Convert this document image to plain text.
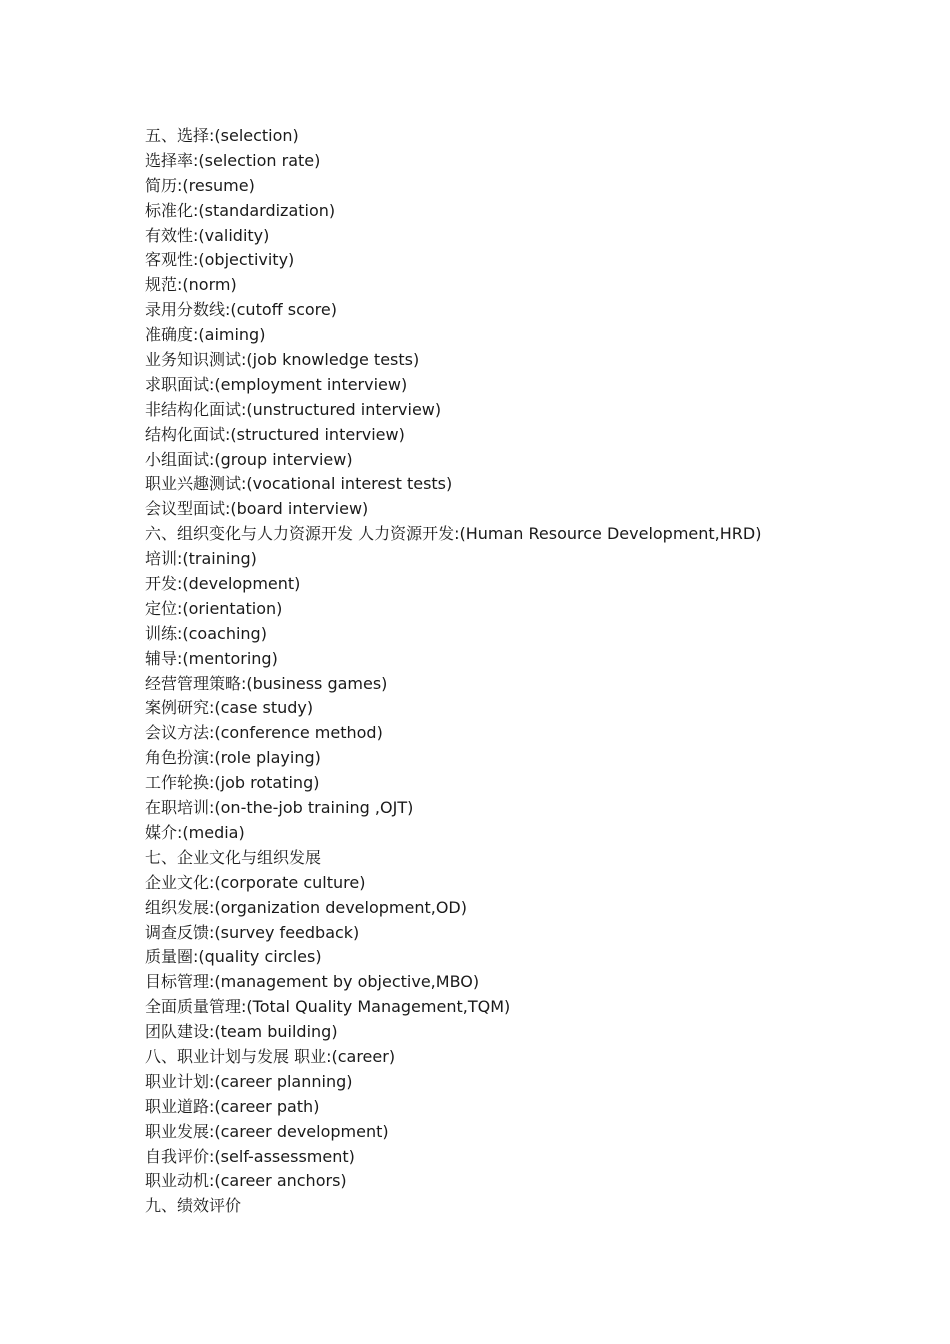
五、选择:(selection)
选择率:(selection rate)
简历:(resume)
标准化:(standardization)
有效性:(validity)
客观性:(objectivity)
规范:(norm)
录用分数线:(cutoff score)
准确度:(aiming)
业务知识测试:(job knowledge tests)
求职面试:(employment interview)
非结构化面试:(unstructured interview)
结构化面试:(structured interview)
小组面试:(group interview)
职业兴趣测试:(vocational interest tests)
会议型面试:(board interview)
六、组织变化与人力资源开发 人力资源开发:(Human Resource Development,HRD)
培训:(training)
开发:(development)
定位:(orientation)
训练:(coaching)
辅导:(mentoring)
经营管理策略:(business games)
案例研究:(case study)
会议方法:(conference method)
角色扮演:(role playing)
工作轮换:(job rotating)
在职培训:(on-the-job training ,OJT)
媒介:(media)
七、企业文化与组织发展
企业文化:(corporate culture)
组织发展:(organization development,OD)
调查反馈:(survey feedback)
质量圈:(quality circles)
目标管理:(management by objective,MBO)
全面质量管理:(Total Quality Management,TQM)
团队建设:(team building)
八、职业计划与发展 职业:(career)
职业计划:(career planning)
职业道路:(career path)
职业发展:(career development)
自我评价:(self-assessment)
职业动机:(career anchors)
九、绩效评价
